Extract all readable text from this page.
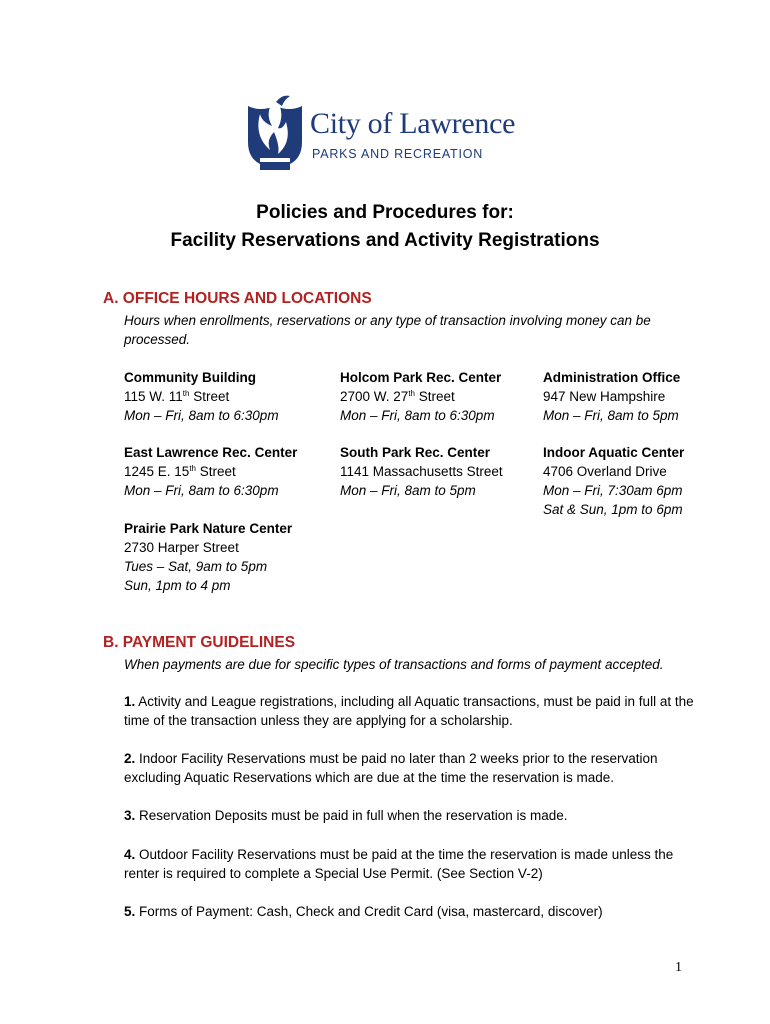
City of Lawrence
PARKS AND RECREATION
Policies and Procedures for:
Facility Reservations and Activity Registrations
A. OFFICE HOURS AND LOCATIONS
Hours when enrollments, reservations or any type of transaction involving money can be processed.
Community Building
115 W. 11th Street
Mon – Fri, 8am to 6:30pm
Holcom Park Rec. Center
2700 W. 27th Street
Mon – Fri, 8am to 6:30pm
Administration Office
947 New Hampshire
Mon – Fri, 8am to 5pm
East Lawrence Rec. Center
1245 E. 15th Street
Mon – Fri, 8am to 6:30pm
South Park Rec. Center
1141 Massachusetts Street
Mon – Fri, 8am to 5pm
Indoor Aquatic Center
4706 Overland Drive
Mon – Fri, 7:30am 6pm
Sat & Sun, 1pm to 6pm
Prairie Park Nature Center
2730 Harper Street
Tues – Sat, 9am to 5pm
Sun, 1pm to 4 pm
B. PAYMENT GUIDELINES
When payments are due for specific types of transactions and forms of payment accepted.
1. Activity and League registrations, including all Aquatic transactions, must be paid in full at the time of the transaction unless they are applying for a scholarship.
2. Indoor Facility Reservations must be paid no later than 2 weeks prior to the reservation excluding Aquatic Reservations which are due at the time the reservation is made.
3. Reservation Deposits must be paid in full when the reservation is made.
4. Outdoor Facility Reservations must be paid at the time the reservation is made unless the renter is required to complete a Special Use Permit. (See Section V-2)
5. Forms of Payment: Cash, Check and Credit Card (visa, mastercard, discover)
1
